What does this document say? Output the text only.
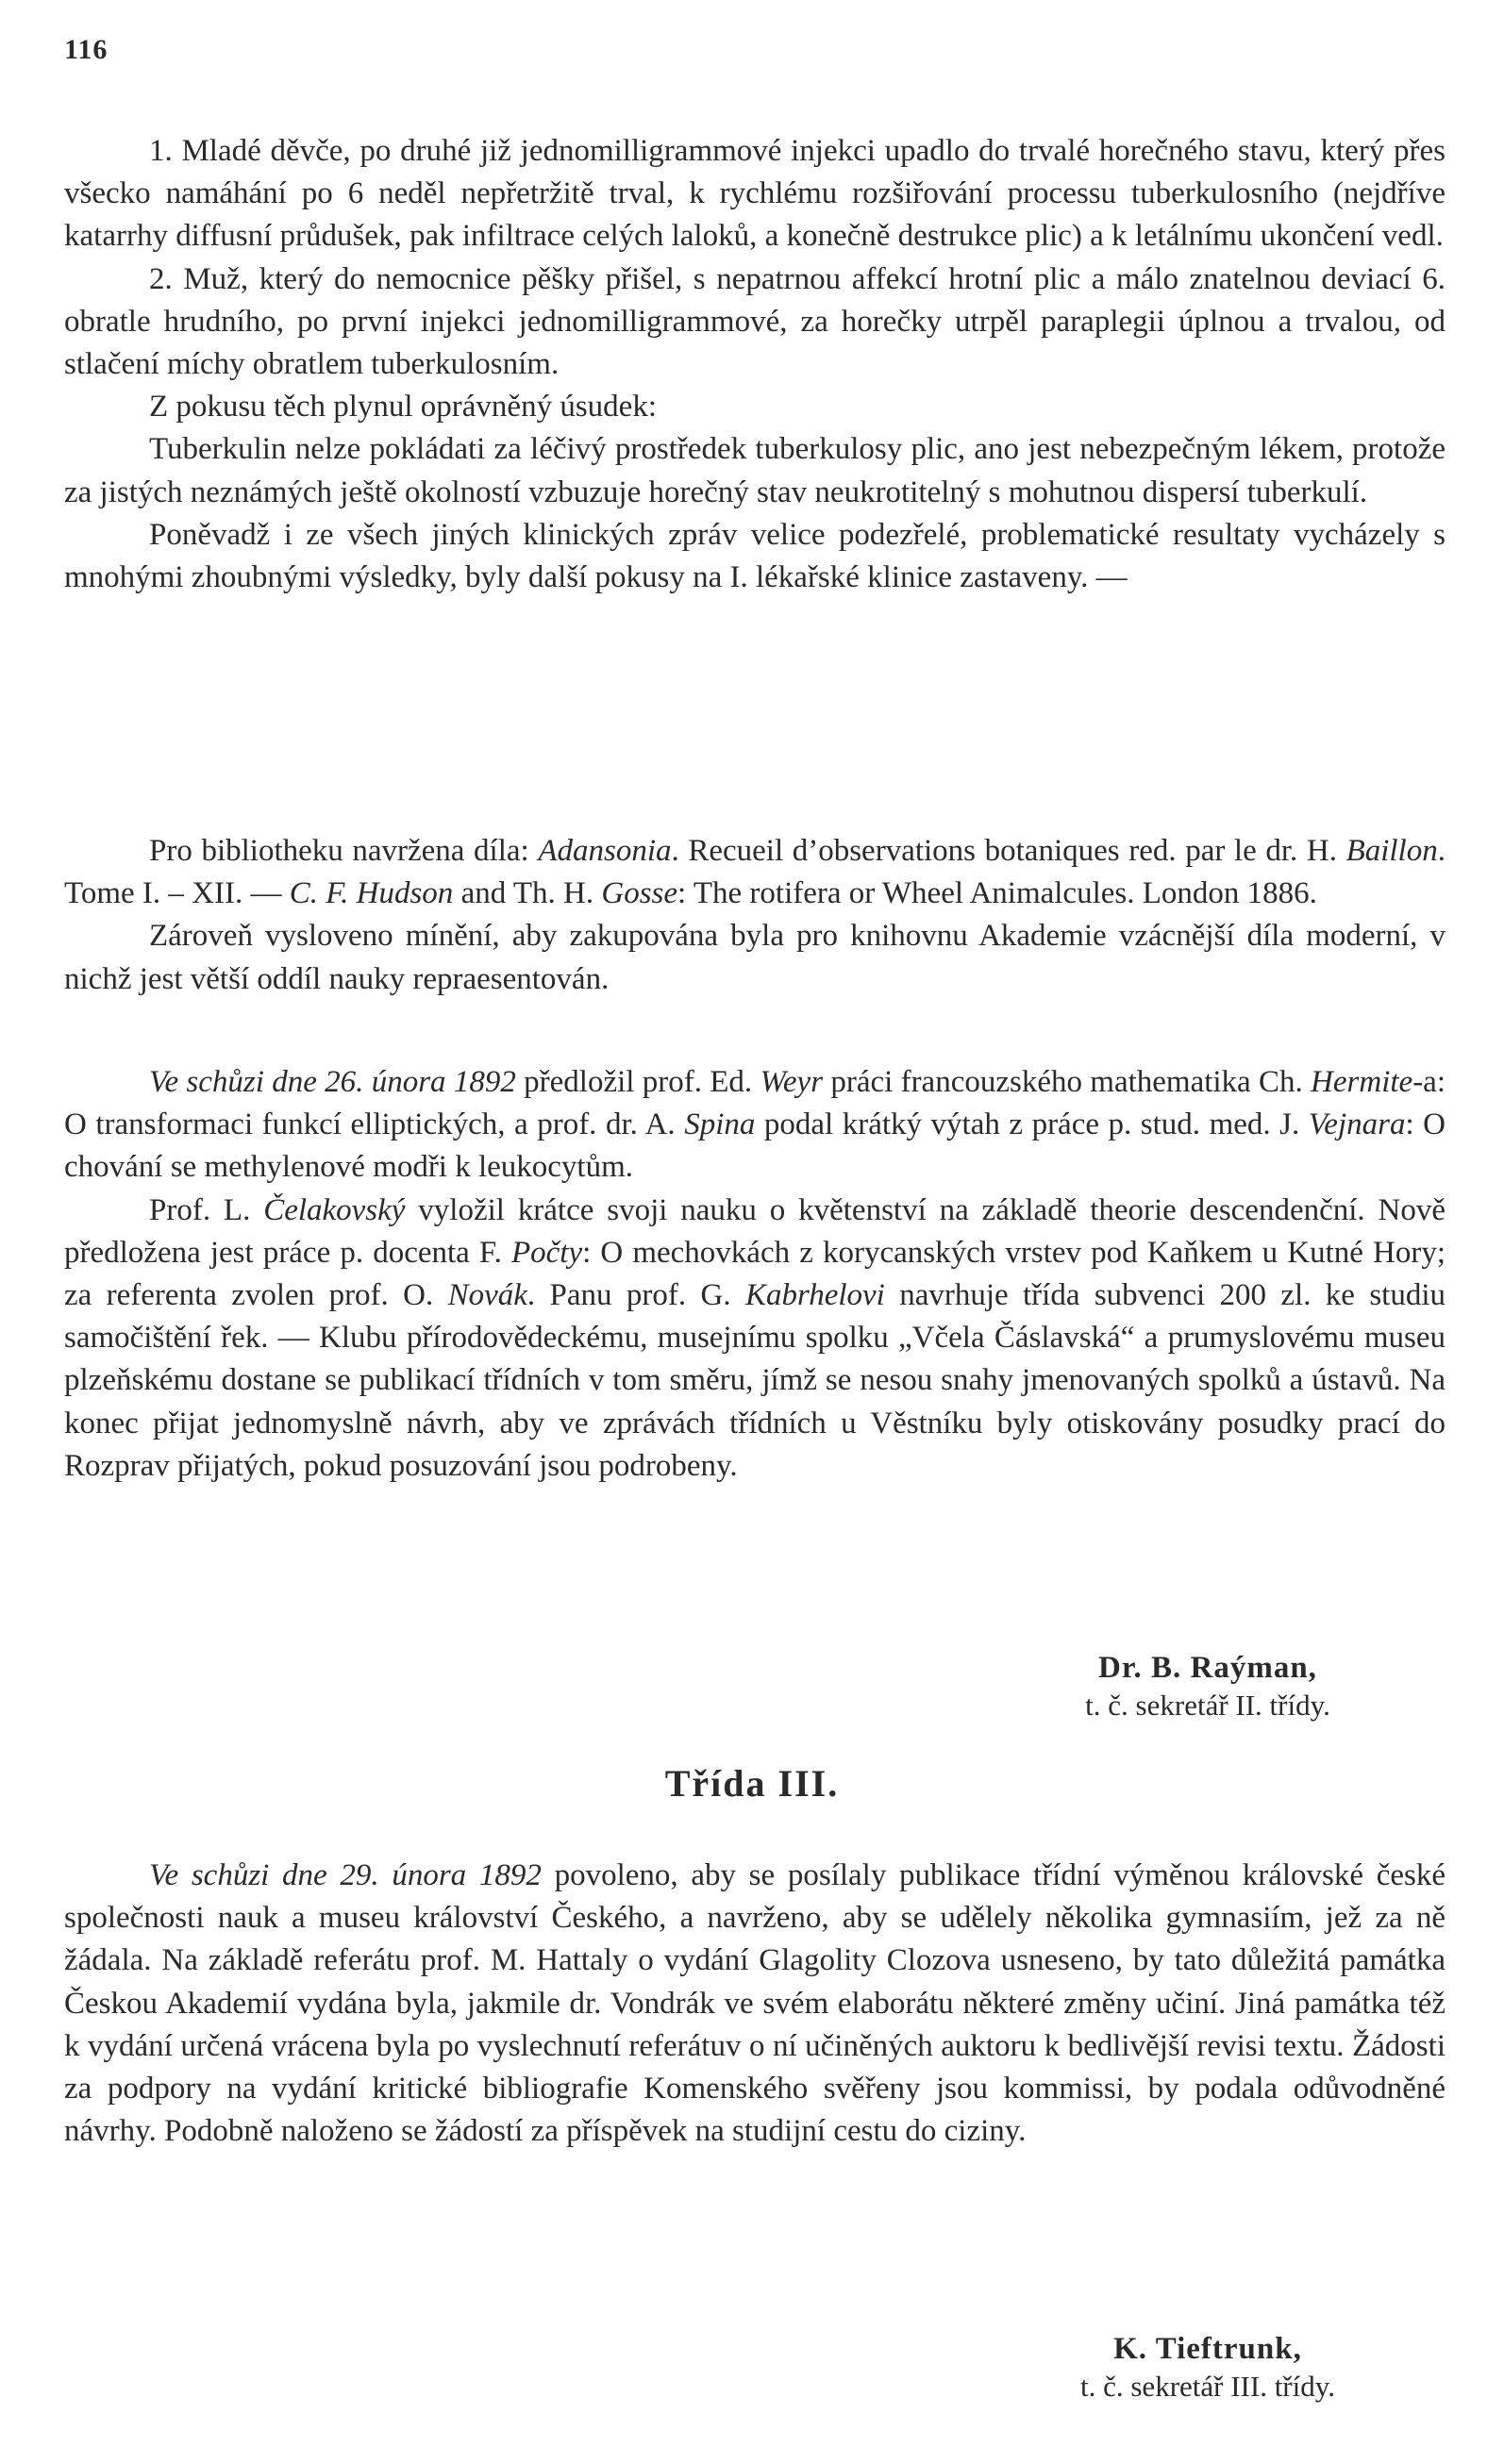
116

1. Mladé děvče, po druhé již jednomilligrammové injekci upadlo do trvalé horečného stavu, který přes všecko namáhání po 6 neděl nepřetržitě trval, k rychlému rozšiřování processu tuberkulosního (nejdříve katarrhy diffusní průdušek, pak infiltrace celých laloků, a konečně destrukce plic) a k letálnímu ukončení vedl.

2. Muž, který do nemocnice pěšky přišel, s nepatrnou affekcí hrotní plic a málo znatelnou deviací 6. obratle hrudního, po první injekci jednomilligrammové, za horečky utrpěl paraplegii úplnou a trvalou, od stlačení míchy obratlem tuberkulosním.

Z pokusu těch plynul oprávněný úsudek:

Tuberkulin nelze pokládati za léčivý prostředek tuberkulosy plic, ano jest nebezpečným lékem, protože za jistých neznámých ještě okolností vzbuzuje horečný stav neukrotitelný s mohutnou dispersí tuberkulí.

Poněvadž i ze všech jiných klinických zpráv velice podezřelé, problematické resultaty vycházely s mnohými zhoubnými výsledky, byly další pokusy na I. lékařské klinice zastaveny. —

Pro bibliotheku navržena díla: Adansonia. Recueil d’observations botaniques red. par le dr. H. Baillon. Tome I. – XII. — C. F. Hudson and Th. H. Gosse: The rotifera or Wheel Animalcules. London 1886.

Zároveň vysloveno mínění, aby zakupována byla pro knihovnu Akademie vzácnější díla moderní, v nichž jest větší oddíl nauky repraesentován.

Ve schůzi dne 26. února 1892 předložil prof. Ed. Weyr práci francouzského mathematika Ch. Hermite-a: O transformaci funkcí elliptických, a prof. dr. A. Spina podal krátký výtah z práce p. stud. med. J. Vejnara: O chování se methylenové modři k leukocytům.

Prof. L. Čelakovský vyložil krátce svoji nauku o květenství na základě theorie descendenční. Nově předložena jest práce p. docenta F. Počty: O mechovkách z korycanských vrstev pod Kaňkem u Kutné Hory; za referenta zvolen prof. O. Novák. Panu prof. G. Kabrhelovi navrhuje třída subvenci 200 zl. ke studiu samočištění řek. — Klubu přírodovědeckému, musejnímu spolku „Včela Čáslavská“ a prumyslovému museu plzeňskému dostane se publikací třídních v tom směru, jímž se nesou snahy jmenovaných spolků a ústavů. Na konec přijat jednomyslně návrh, aby ve zprávách třídních u Věstníku byly otiskovány posudky prací do Rozprav přijatých, pokud posuzování jsou podrobeny.

Dr. B. Raýman,
t. č. sekretář II. třídy.
Třída III.

Ve schůzi dne 29. února 1892 povoleno, aby se posílaly publikace třídní výměnou královské české společnosti nauk a museu království Českého, a navrženo, aby se udělely několika gymnasiím, jež za ně žádala. Na základě referátu prof. M. Hattaly o vydání Glagolity Clozova usneseno, by tato důležitá památka Českou Akademií vydána byla, jakmile dr. Vondrák ve svém elaborátu některé změny učiní. Jiná památka též k vydání určená vrácena byla po vyslechnutí referátuv o ní učiněných auktoru k bedlivější revisi textu. Žádosti za podpory na vydání kritické bibliografie Komenského svěřeny jsou kommissi, by podala odůvodněné návrhy. Podobně naloženo se žádostí za příspěvek na studijní cestu do ciziny.

K. Tieftrunk,
t. č. sekretář III. třídy.
